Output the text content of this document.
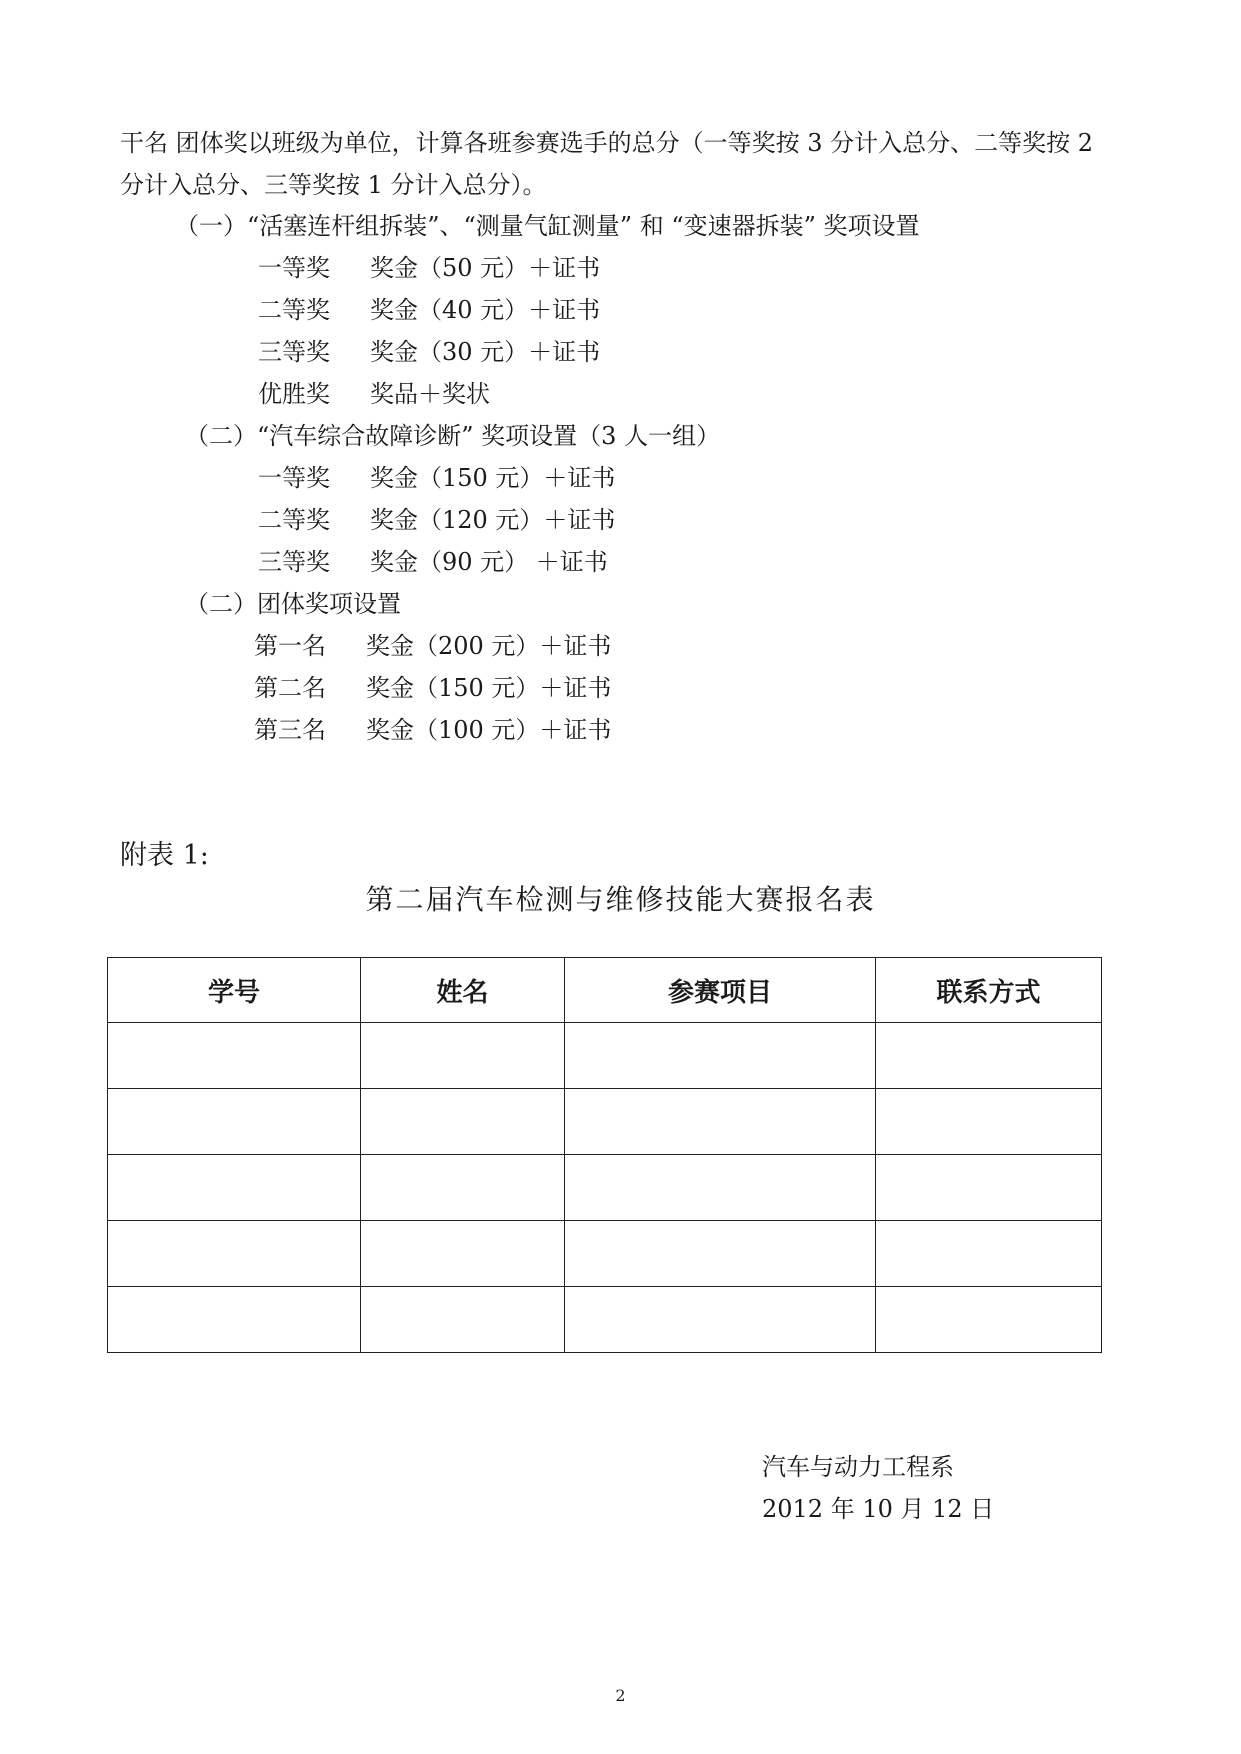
干名 团体奖以班级为单位，计算各班参赛选手的总分（一等奖按 3 分计入总分、二等奖按 2
分计入总分、三等奖按 1 分计入总分）。
（一）“活塞连杆组拆装”、“测量气缸测量” 和 “变速器拆装” 奖项设置
一等奖 奖金（50 元）＋证书
二等奖 奖金（40 元）＋证书
三等奖 奖金（30 元）＋证书
优胜奖 奖品＋奖状
（二）“汽车综合故障诊断” 奖项设置（3 人一组）
一等奖 奖金（150 元）＋证书
二等奖 奖金（120 元）＋证书
三等奖 奖金（90 元） ＋证书
（二）团体奖项设置
第一名 奖金（200 元）＋证书
第二名 奖金（150 元）＋证书
第三名 奖金（100 元）＋证书
附表 1:
第二届汽车检测与维修技能大赛报名表
学号	姓名	参赛项目	联系方式

汽车与动力工程系
2012 年 10 月 12 日
2
